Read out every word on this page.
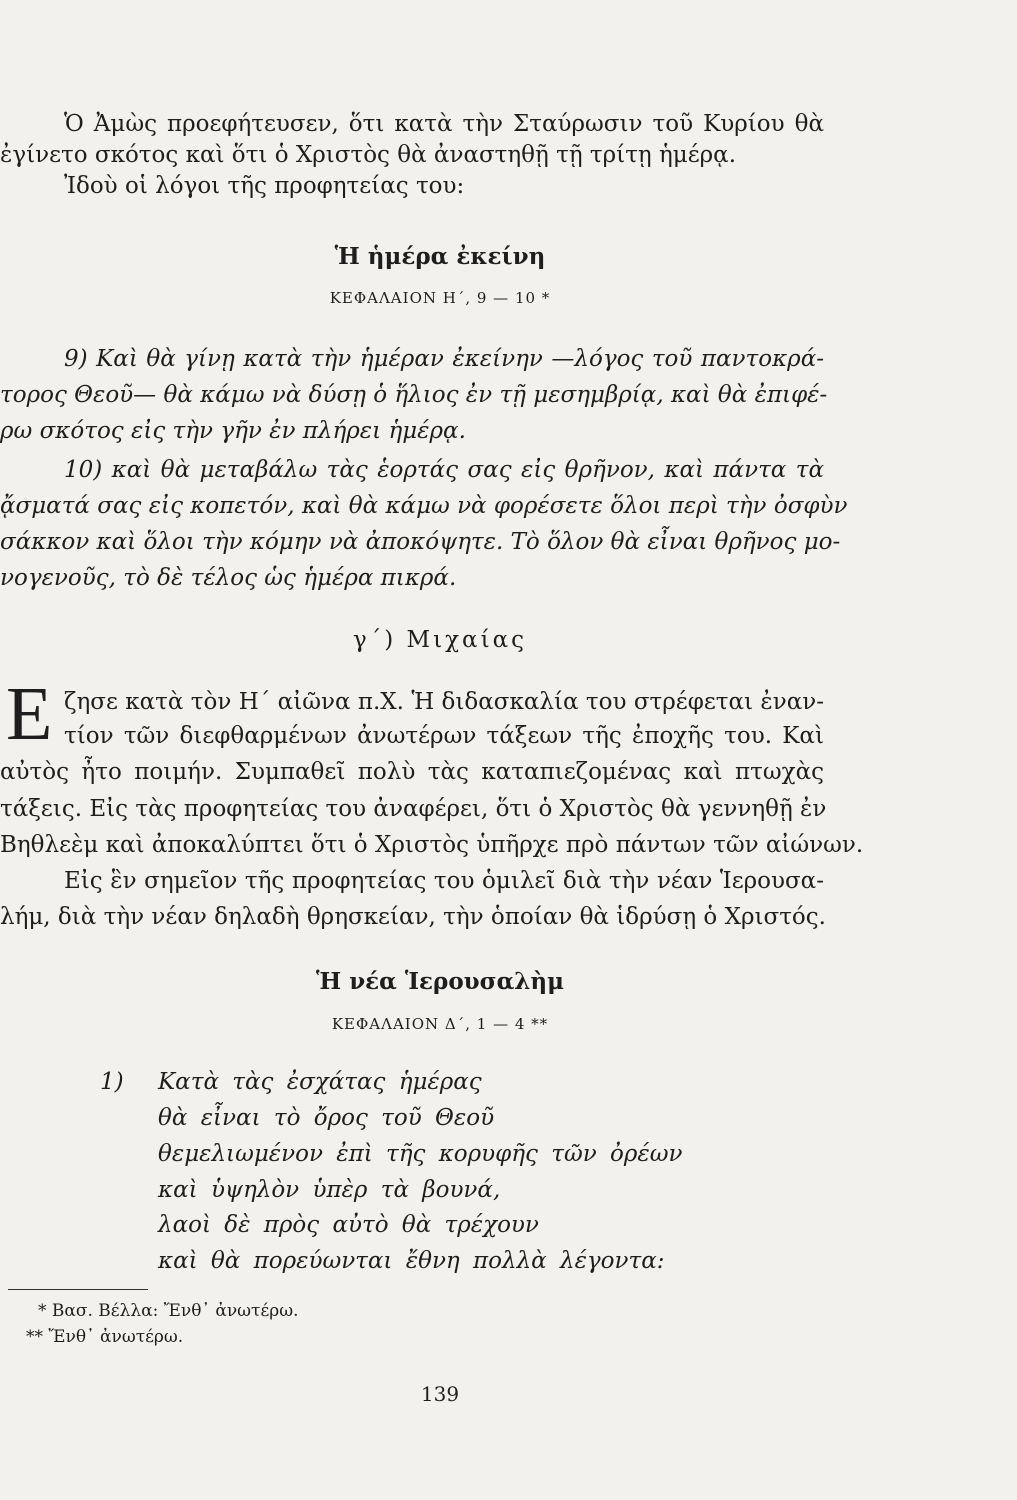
Ὁ Ἀμὼς προεφήτευσεν, ὅτι κατὰ τὴν Σταύρωσιν τοῦ Κυρίου θὰ
ἐγίνετο σκότος καὶ ὅτι ὁ Χριστὸς θὰ ἀναστηθῇ τῇ τρίτῃ ἡμέρᾳ.
Ἰδοὺ οἱ λόγοι τῆς προφητείας του:
Ἡ ἡμέρα ἐκείνη
ΚΕΦΑΛΑΙΟΝ Η΄, 9 — 10 *
9) Καὶ θὰ γίνῃ κατὰ τὴν ἡμέραν ἐκείνην —λόγος τοῦ παντοκρά-
τορος Θεοῦ— θὰ κάμω νὰ δύσῃ ὁ ἥλιος ἐν τῇ μεσημβρίᾳ, καὶ θὰ ἐπιφέ-
ρω σκότος εἰς τὴν γῆν ἐν πλήρει ἡμέρᾳ.
10) καὶ θὰ μεταβάλω τὰς ἑορτάς σας εἰς θρῆνον, καὶ πάντα τὰ
ᾄσματά σας εἰς κοπετόν, καὶ θὰ κάμω νὰ φορέσετε ὅλοι περὶ τὴν ὀσφὺν
σάκκον καὶ ὅλοι τὴν κόμην νὰ ἀποκόψητε. Τὸ ὅλον θὰ εἶναι θρῆνος μο-
νογενοῦς, τὸ δὲ τέλος ὡς ἡμέρα πικρά.
γ΄) Μιχαίας
Ε ζησε κατὰ τὸν Η΄ αἰῶνα π.Χ. Ἡ διδασκαλία του στρέφεται ἐναν-
τίον τῶν διεφθαρμένων ἀνωτέρων τάξεων τῆς ἐποχῆς του. Καὶ
αὐτὸς ἦτο ποιμήν. Συμπαθεῖ πολὺ τὰς καταπιεζομένας καὶ πτωχὰς
τάξεις. Εἰς τὰς προφητείας του ἀναφέρει, ὅτι ὁ Χριστὸς θὰ γεννηθῇ ἐν
Βηθλεὲμ καὶ ἀποκαλύπτει ὅτι ὁ Χριστὸς ὑπῆρχε πρὸ πάντων τῶν αἰώνων.
Εἰς ἓν σημεῖον τῆς προφητείας του ὁμιλεῖ διὰ τὴν νέαν Ἱερουσα-
λήμ, διὰ τὴν νέαν δηλαδὴ θρησκείαν, τὴν ὁποίαν θὰ ἱδρύσῃ ὁ Χριστός.
Ἡ νέα Ἱερουσαλὴμ
ΚΕΦΑΛΑΙΟΝ Δ΄, 1 — 4 **
1) Κατὰ τὰς ἐσχάτας ἡμέρας
θὰ εἶναι τὸ ὄρος τοῦ Θεοῦ
θεμελιωμένον ἐπὶ τῆς κορυφῆς τῶν ὀρέων
καὶ ὑψηλὸν ὑπὲρ τὰ βουνά,
λαοὶ δὲ πρὸς αὐτὸ θὰ τρέχουν
καὶ θὰ πορεύωνται ἔθνη πολλὰ λέγοντα:
* Βασ. Βέλλα: Ἔνθ᾽ ἀνωτέρω.
** Ἔνθ᾽ ἀνωτέρω.
139
